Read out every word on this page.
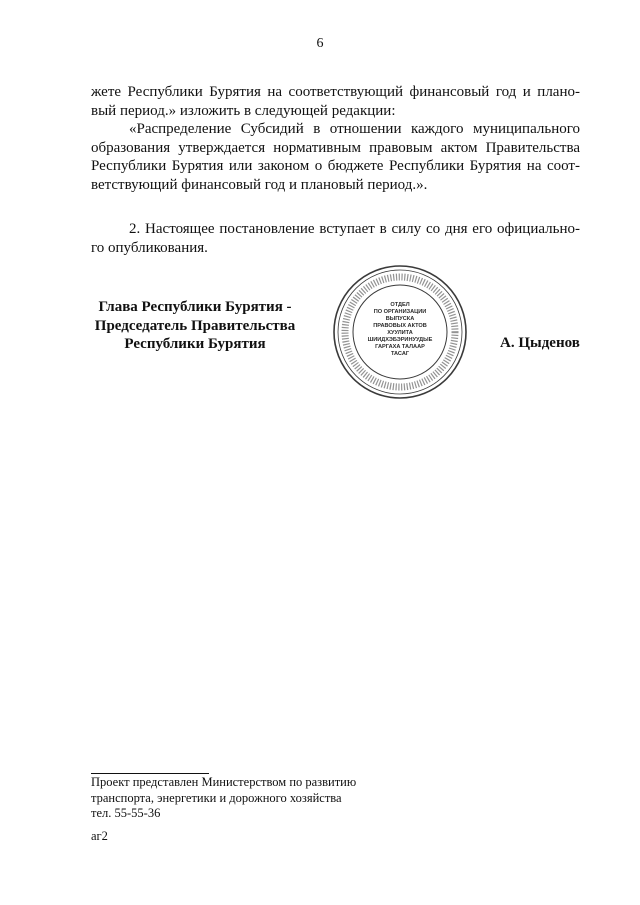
6
жете Республики Бурятия на соответствующий финансовый год и плано-
вый период.» изложить в следующей редакции:
«Распределение Субсидий в отношении каждого муниципального
образования утверждается нормативным правовым актом Правительства
Республики Бурятия или законом о бюджете Республики Бурятия на соот-
ветствующий финансовый год и плановый период.».
2. Настоящее постановление вступает в силу со дня его официально-
го опубликования.
Глава Республики Бурятия -
Председатель Правительства
Республики Бурятия
ОТДЕЛ
ПО ОРГАНИЗАЦИИ
ВЫПУСКА
ПРАВОВЫХ АКТОВ
ХУУЛИТА
ШИИДХЭБЭРИНУУДЫЕ
ГАРГАХА ТАЛААР
ТАСАГ
А. Цыденов
Проект представлен Министерством по развитию
транспорта, энергетики и дорожного хозяйства
тел. 55-55-36
аг2
